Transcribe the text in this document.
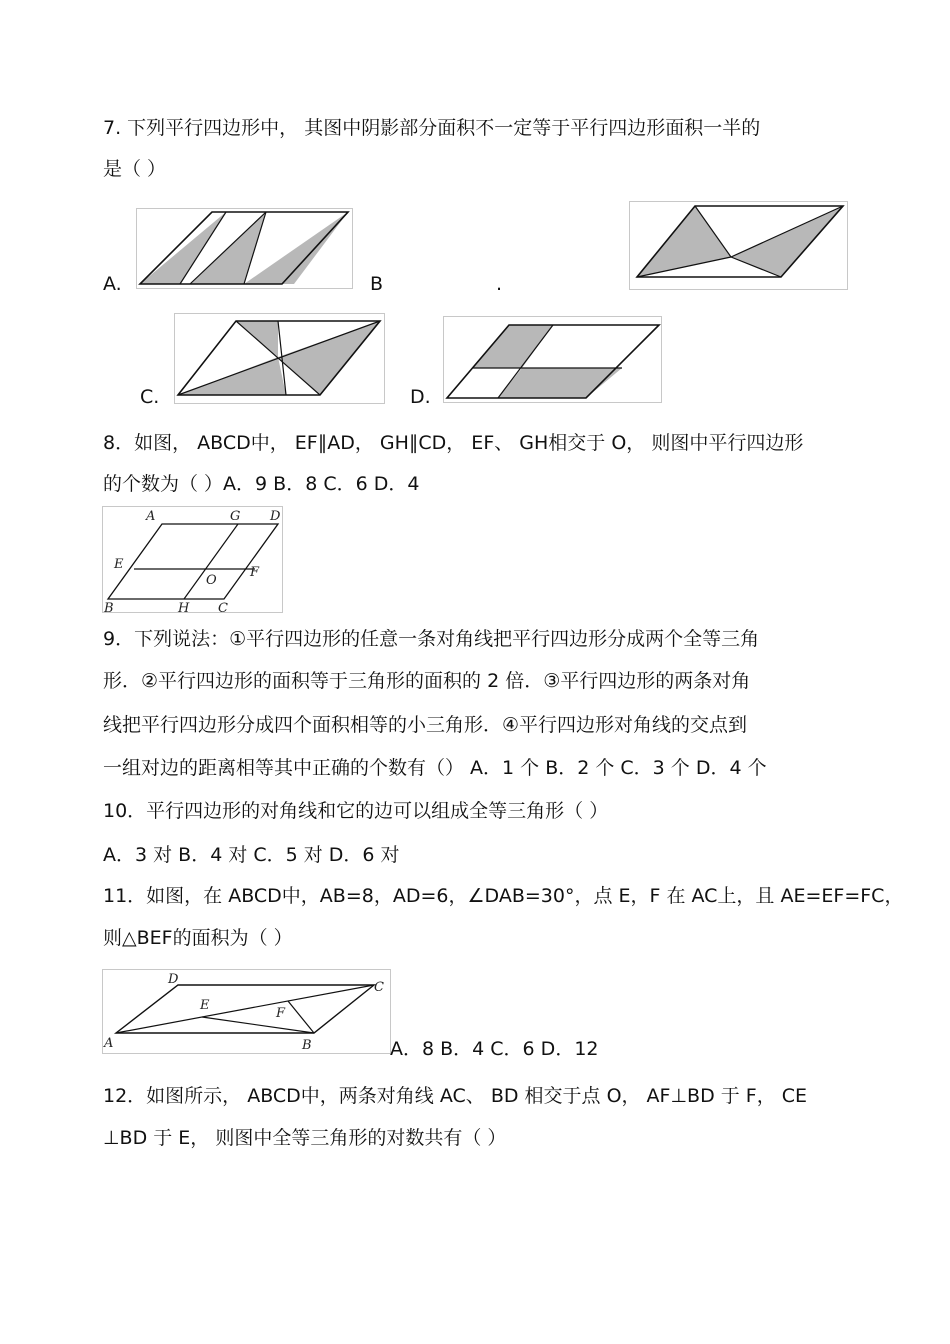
7. 下列平行四边形中， 其图中阴影部分面积不一定等于平行四边形面积一半的
是（ ）
A.	B	.
C.	D.
8．如图， ABCD中， EF∥AD， GH∥CD， EF、 GH相交于 O， 则图中平行四边形
的个数为（ ）A．9 B．8 C．6 D．4
A	G D
E
O
F
B	H C
9．下列说法：①平行四边形的任意一条对角线把平行四边形分成两个全等三角
形．②平行四边形的面积等于三角形的面积的 2 倍．③平行四边形的两条对角
线把平行四边形分成四个面积相等的小三角形．④平行四边形对角线的交点到
一组对边的距离相等其中正确的个数有（） A．1 个 B．2 个 C．3 个 D．4 个
10．平行四边形的对角线和它的边可以组成全等三角形（ ）
A．3 对 B．4 对 C．5 对 D．6 对
11．如图，在 ABCD中，AB=8，AD=6，∠DAB=30°，点 E，F 在 AC上，且 AE=EF=FC，
则△BEF的面积为（ ）
D
C
E
F
A	B	A．8 B．4 C．6 D．12
12．如图所示， ABCD中，两条对角线 AC、 BD 相交于点 O， AF⊥BD 于 F， CE
⊥BD 于 E， 则图中全等三角形的对数共有（ ）
